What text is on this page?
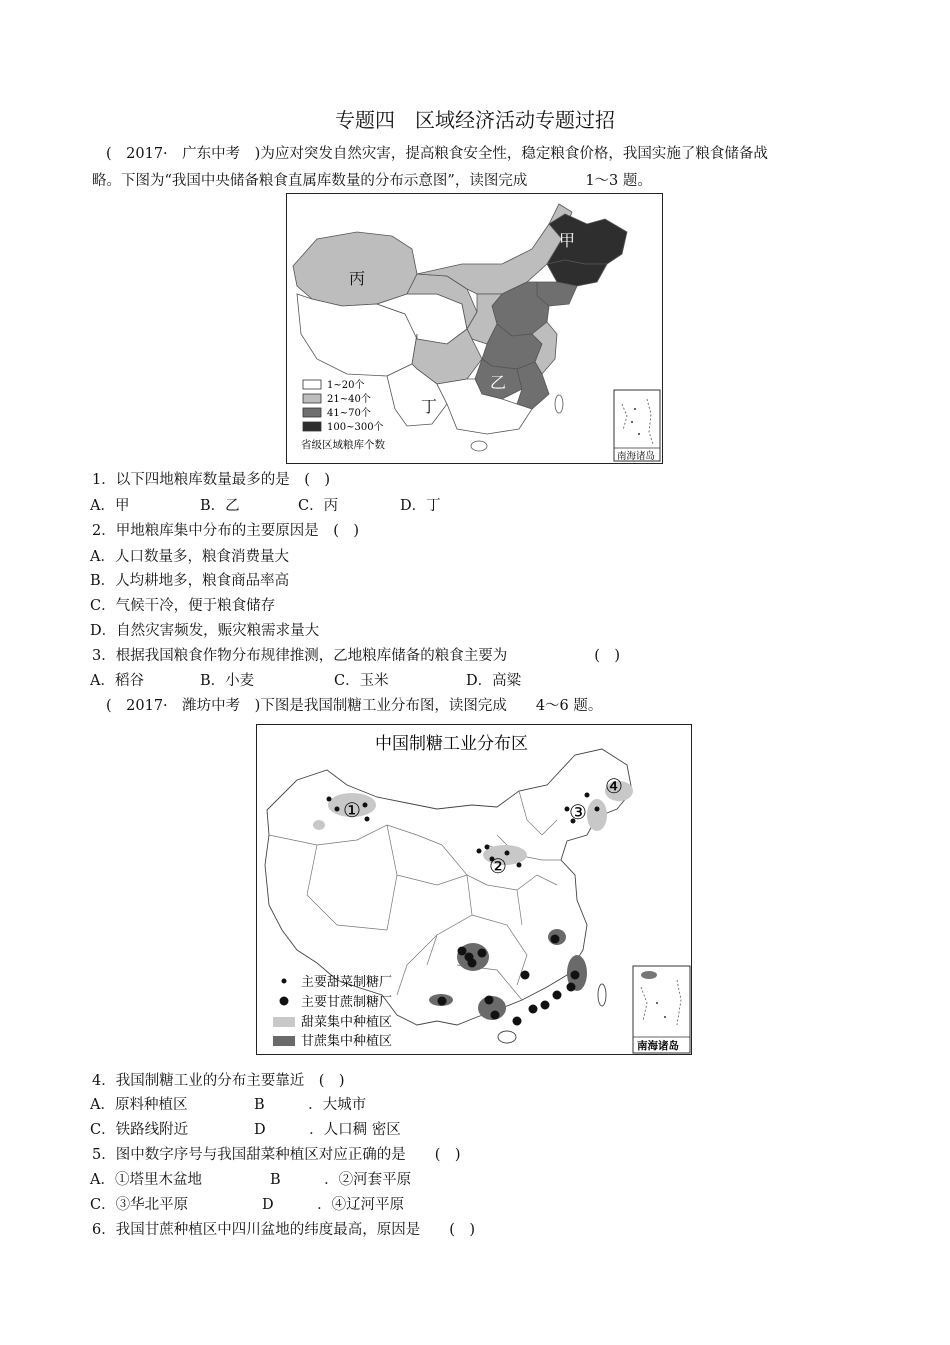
专题四　区域经济活动专题过招
(　2017·　广东中考　)为应对突发自然灾害，提高粮食安全性，稳定粮食价格，我国实施了粮食储备战
略。下图为“我国中央储备粮食直属库数量的分布示意图”，读图完成　　　　1～3 题。
甲
乙
丙
丁
1~20个
21~40个
41~70个
100~300个
省级区域粮库个数
南海诸岛
1．以下四地粮库数量最多的是　(　)
A．甲	B．乙	C．丙	D．丁
2．甲地粮库集中分布的主要原因是　(　)
A．人口数量多，粮食消费量大
B．人均耕地多，粮食商品率高
C．气候干冷，便于粮食储存
D．自然灾害频发，赈灾粮需求量大
3．根据我国粮食作物分布规律推测，乙地粮库储备的粮食主要为　　　　　　(　)
A．稻谷	B．小麦	C．玉米	D．高粱
(　2017·　潍坊中考　)下图是我国制糖工业分布图，读图完成　　4～6 题。
中国制糖工业分布区
①
②
③
④
主要甜菜制糖厂
主要甘蔗制糖厂
甜菜集中种植区
甘蔗集中种植区	南海诸岛
4．我国制糖工业的分布主要靠近　(　)
A．原料种植区	B　　　．大城市
C．铁路线附近	D　　　．人口稠 密区
5．图中数字序号与我国甜菜种植区对应正确的是　　(　)
A．①塔里木盆地	B　　　．②河套平原
C．③华北平原	D　　　．④辽河平原
6．我国甘蔗种植区中四川盆地的纬度最高，原因是　　(　)
